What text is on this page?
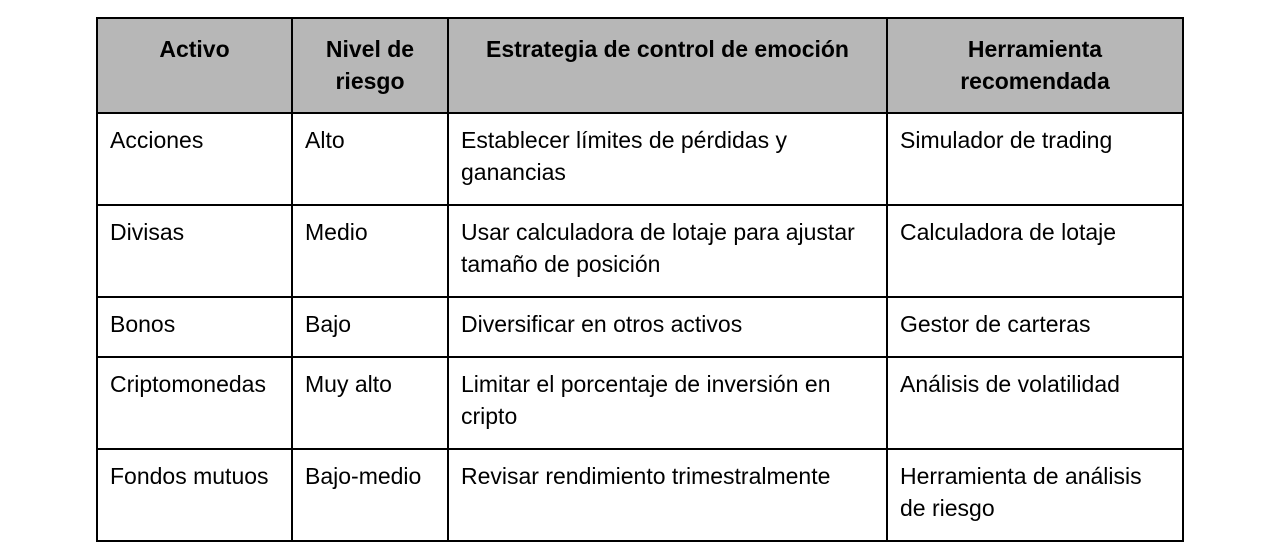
Activo	Nivel de riesgo	Estrategia de control de emoción	Herramienta recomendada
Acciones	Alto	Establecer límites de pérdidas y ganancias	Simulador de trading
Divisas	Medio	Usar calculadora de lotaje para ajustar tamaño de posición	Calculadora de lotaje
Bonos	Bajo	Diversificar en otros activos	Gestor de carteras
Criptomonedas	Muy alto	Limitar el porcentaje de inversión en cripto	Análisis de volatilidad
Fondos mutuos	Bajo-medio	Revisar rendimiento trimestralmente	Herramienta de análisis de riesgo
